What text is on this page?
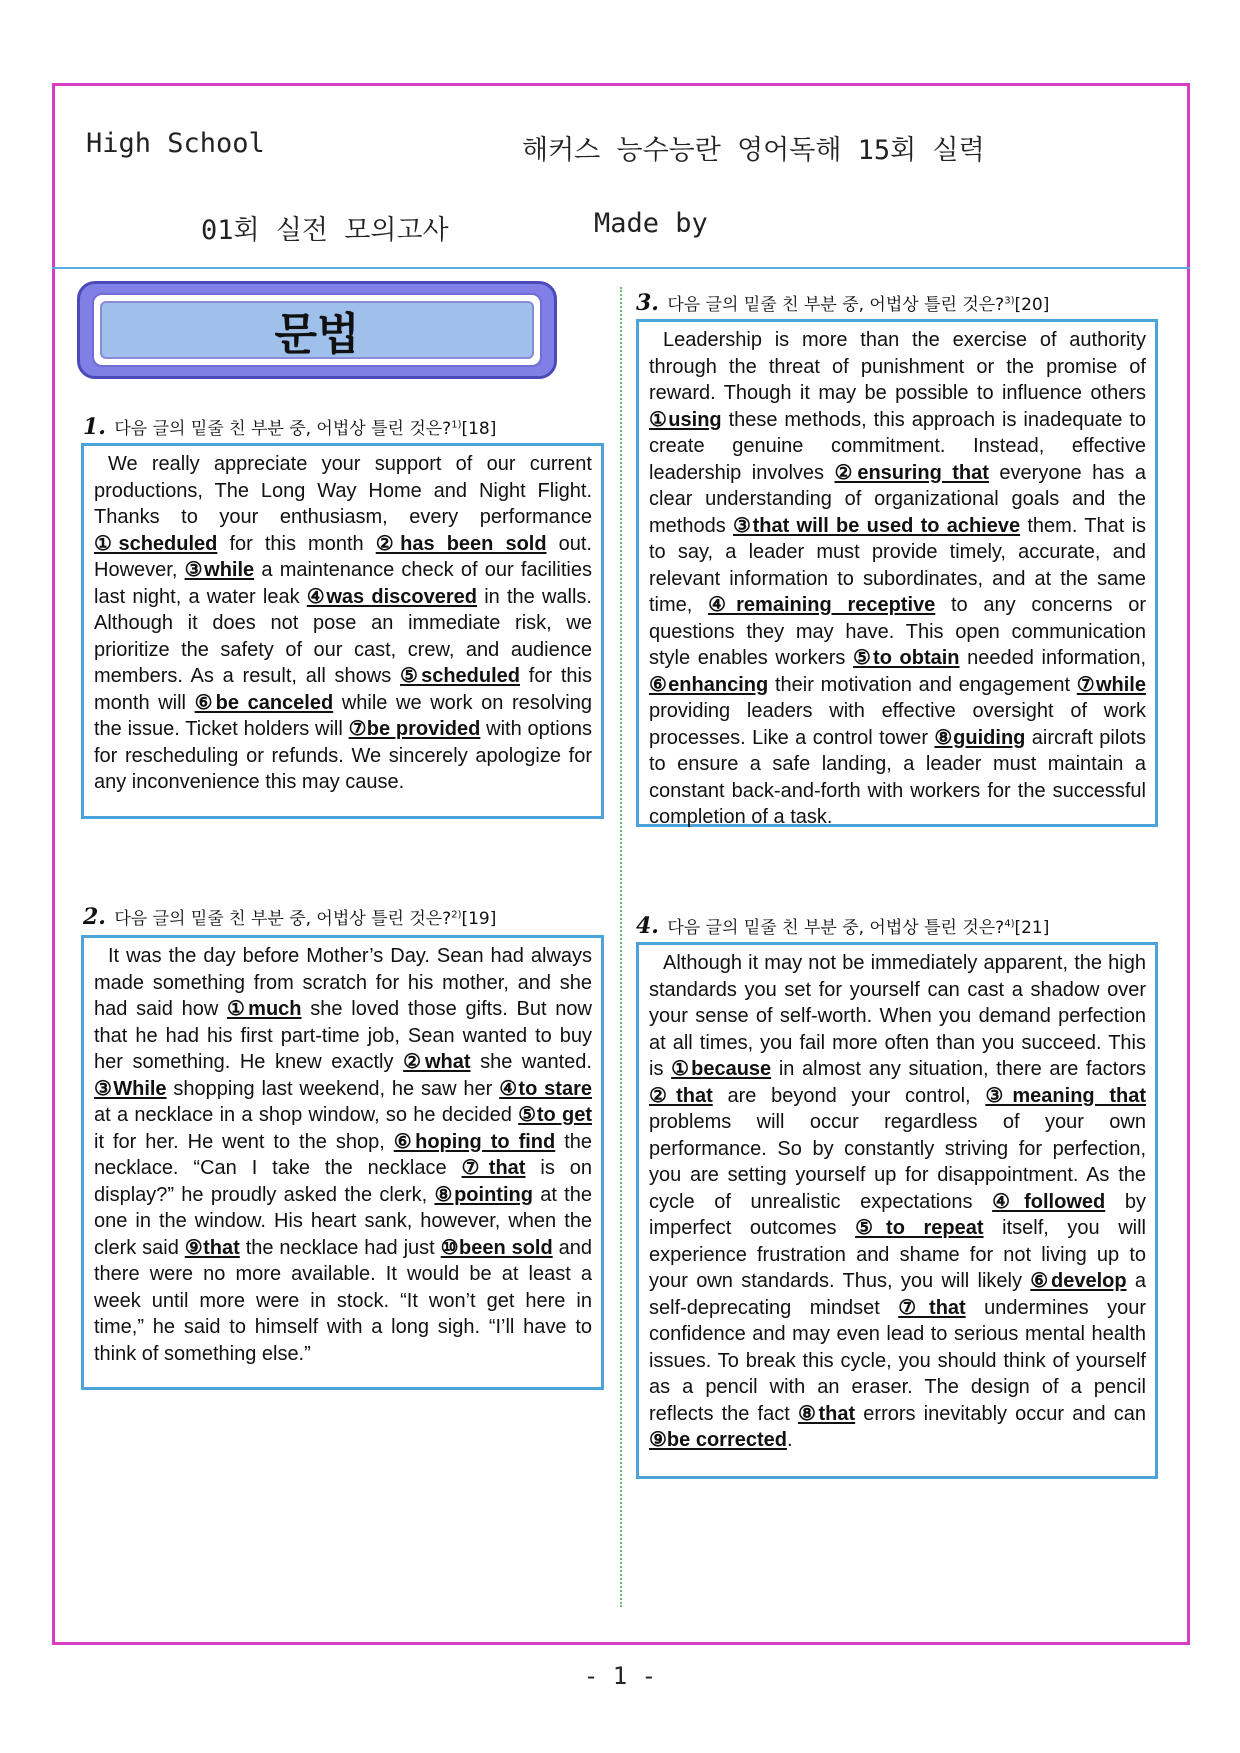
High School	해커스 능수능란 영어독해 15회 실력
01회 실전 모의고사	Made by
문법
1. 다음 글의 밑줄 친 부분 중, 어법상 틀린 것은?$^{1)}$[18]

We really appreciate your support of our current productions, The Long Way Home and Night Flight. Thanks to your enthusiasm, every performance ①scheduled for this month ②has been sold out. However, ③while a maintenance check of our facilities last night, a water leak ④was discovered in the walls. Although it does not pose an immediate risk, we prioritize the safety of our cast, crew, and audience members. As a result, all shows ⑤scheduled for this month will ⑥be canceled while we work on resolving the issue. Ticket holders will ⑦be provided with options for rescheduling or refunds. We sincerely apologize for any inconvenience this may cause.

2. 다음 글의 밑줄 친 부분 중, 어법상 틀린 것은?$^{2)}$[19]

It was the day before Mother’s Day. Sean had always made something from scratch for his mother, and she had said how ①much she loved those gifts. But now that he had his first part-time job, Sean wanted to buy her something. He knew exactly ②what she wanted. ③While shopping last weekend, he saw her ④to stare at a necklace in a shop window, so he decided ⑤to get it for her. He went to the shop, ⑥hoping to find the necklace. “Can I take the necklace ⑦that is on display?” he proudly asked the clerk, ⑧pointing at the one in the window. His heart sank, however, when the clerk said ⑨that the necklace had just ⑩been sold and there were no more available. It would be at least a week until more were in stock. “It won’t get here in time,” he said to himself with a long sigh. “I’ll have to think of something else.”

3. 다음 글의 밑줄 친 부분 중, 어법상 틀린 것은?$^{3)}$[20]

Leadership is more than the exercise of authority through the threat of punishment or the promise of reward. Though it may be possible to influence others ①using these methods, this approach is inadequate to create genuine commitment. Instead, effective leadership involves ②ensuring that everyone has a clear understanding of organizational goals and the methods ③that will be used to achieve them. That is to say, a leader must provide timely, accurate, and relevant information to subordinates, and at the same time, ④remaining receptive to any concerns or questions they may have. This open communication style enables workers ⑤to obtain needed information, ⑥enhancing their motivation and engagement ⑦while providing leaders with effective oversight of work processes. Like a control tower ⑧guiding aircraft pilots to ensure a safe landing, a leader must maintain a constant back-and-forth with workers for the successful completion of a task.

4. 다음 글의 밑줄 친 부분 중, 어법상 틀린 것은?$^{4)}$[21]

Although it may not be immediately apparent, the high standards you set for yourself can cast a shadow over your sense of self-worth. When you demand perfection at all times, you fail more often than you succeed. This is ①because in almost any situation, there are factors ②that are beyond your control, ③meaning that problems will occur regardless of your own performance. So by constantly striving for perfection, you are setting yourself up for disappointment. As the cycle of unrealistic expectations ④followed by imperfect outcomes ⑤to repeat itself, you will experience frustration and shame for not living up to your own standards. Thus, you will likely ⑥develop a self-deprecating mindset ⑦that undermines your confidence and may even lead to serious mental health issues. To break this cycle, you should think of yourself as a pencil with an eraser. The design of a pencil reflects the fact ⑧that errors inevitably occur and can ⑨be corrected.

- 1 -
